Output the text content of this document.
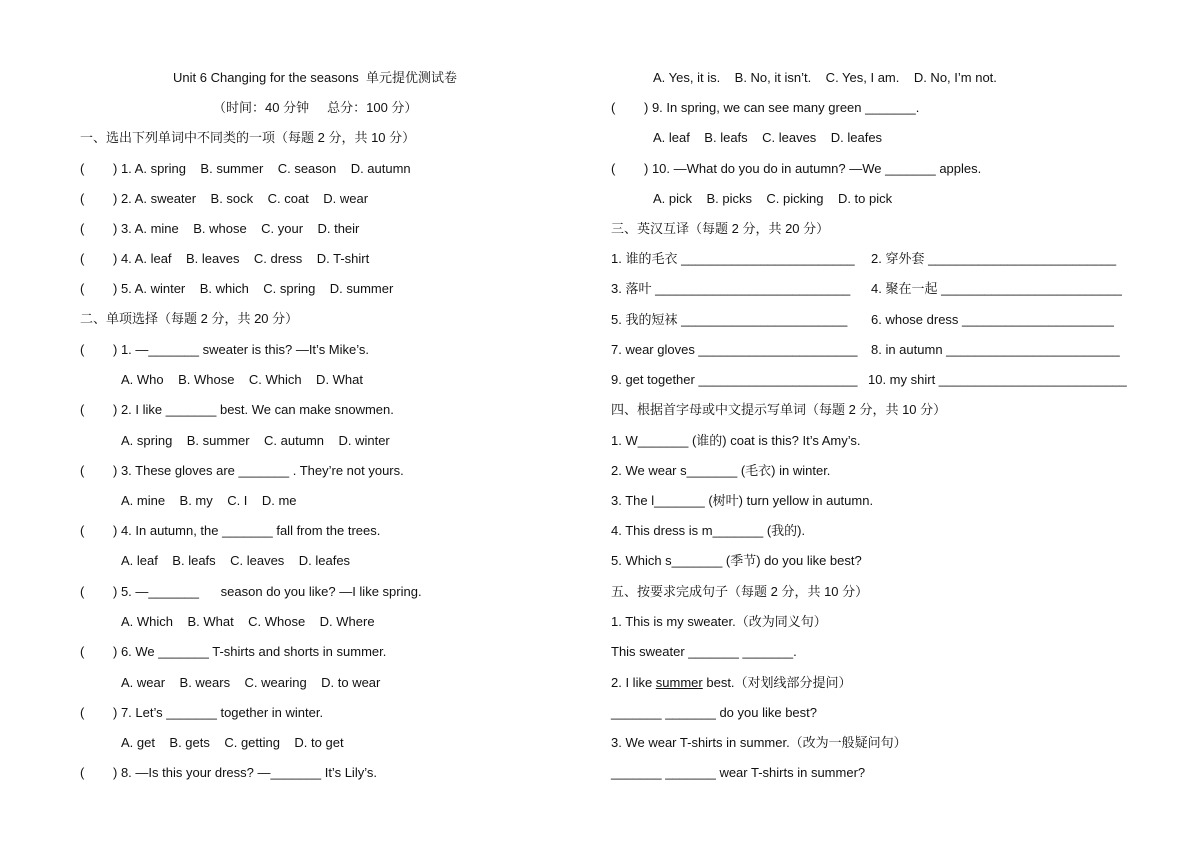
Unit 6 Changing for the seasons  单元提优测试卷
（时间：40 分钟     总分：100 分）
一、选出下列单词中不同类的一项（每题 2 分，共 10 分）
( ) 1. A. spring    B. summer    C. season    D. autumn
( ) 2. A. sweater    B. sock    C. coat    D. wear
( ) 3. A. mine    B. whose    C. your    D. their
( ) 4. A. leaf    B. leaves    C. dress    D. T-shirt
( ) 5. A. winter    B. which    C. spring    D. summer
二、单项选择（每题 2 分，共 20 分）
( ) 1. —_______ sweater is this? —It’s Mike’s.
A. Who    B. Whose    C. Which    D. What
( ) 2. I like _______ best. We can make snowmen.
A. spring    B. summer    C. autumn    D. winter
( ) 3. These gloves are _______ . They’re not yours.
A. mine    B. my    C. I    D. me
( ) 4. In autumn, the _______ fall from the trees.
A. leaf    B. leafs    C. leaves    D. leafes
( ) 5. —_______      season do you like? —I like spring.
A. Which    B. What    C. Whose    D. Where
( ) 6. We _______ T-shirts and shorts in summer.
A. wear    B. wears    C. wearing    D. to wear
( ) 7. Let’s _______ together in winter.
A. get    B. gets    C. getting    D. to get
( ) 8. —Is this your dress? —_______ It’s Lily’s.
A. Yes, it is.    B. No, it isn’t.    C. Yes, I am.    D. No, I’m not.
( ) 9. In spring, we can see many green _______.
A. leaf    B. leafs    C. leaves    D. leafes
( ) 10. —What do you do in autumn? —We _______ apples.
A. pick    B. picks    C. picking    D. to pick
三、英汉互译（每题 2 分，共 20 分）
1. 谁的毛衣 ________________________ 2. 穿外套 __________________________
3. 落叶 ___________________________ 4. 聚在一起 _________________________
5. 我的短袜 _______________________ 6. whose dress _____________________
7. wear gloves ______________________ 8. in autumn ________________________
9. get together ______________________ 10. my shirt __________________________
四、根据首字母或中文提示写单词（每题 2 分，共 10 分）
1. W_______ (谁的) coat is this? It’s Amy’s.
2. We wear s_______ (毛衣) in winter.
3. The l_______ (树叶) turn yellow in autumn.
4. This dress is m_______ (我的).
5. Which s_______ (季节) do you like best?
五、按要求完成句子（每题 2 分，共 10 分）
1. This is my sweater.（改为同义句）
This sweater _______ _______.
2. I like summer best.（对划线部分提问）
_______ _______ do you like best?
3. We wear T-shirts in summer.（改为一般疑问句）
_______ _______ wear T-shirts in summer?
